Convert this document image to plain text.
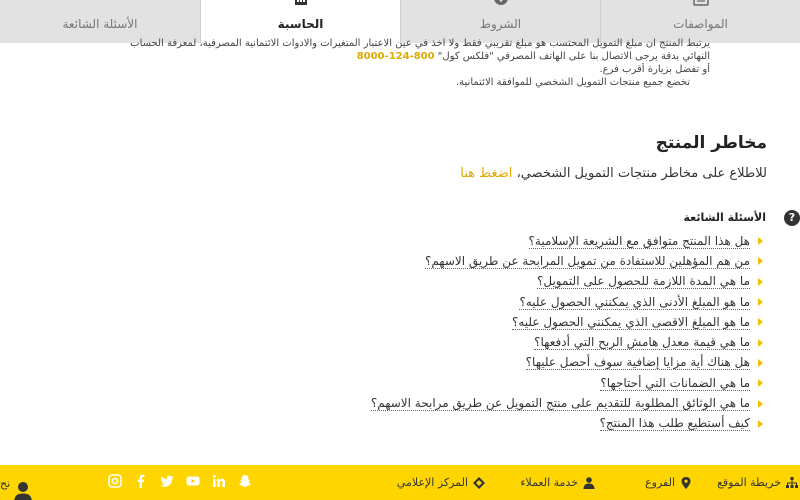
المواصفات
الشروط
الحاسبة
الأسئلة الشائعة
يرتبط المنتج ان مبلغ التمويل المحتسب هو مبلغ تقريبي فقط ولا اخذ في عين الاعتبار المتغيرات والادوات الائتمانية المصرفية، لمعرفة الحساب
النهائي بدقة يرجى الاتصال بنا على الهاتف المصرفي "فلكس كول" 800-124-8000
أو تفضل بزيارة أقرب فرع.
تخضع جميع منتجات التمويل الشخصي للموافقة الائتمانية.
مخاطر المنتج
للاطلاع على مخاطر منتجات التمويل الشخصي، اضغط هنا
?
الأسئلة الشائعة
هل هذا المنتج متوافق مع الشريعة الإسلامية؟
من هم المؤهلين للاستفادة من تمويل المرابحة عن طريق الاسهم؟
ما هي المدة اللازمة للحصول على التمويل؟
ما هو المبلغ الأدنى الذي يمكنني الحصول عليه؟
ما هو المبلغ الاقصى الذي يمكنني الحصول عليه؟
ما هي قيمة معدل هامش الربح التي أدفعها؟
هل هناك أية مزايا إضافية سوف أحصل عليها؟
ما هي الضمانات التي أحتاجها؟
ما هي الوثائق المطلوبة للتقديم على منتج التمويل عن طريق مرابحة الاسهم؟
كيف أستطيع طلب هذا المنتج؟
خريطة الموقع
الفروع
خدمة العملاء
المركز الإعلامي
نح
